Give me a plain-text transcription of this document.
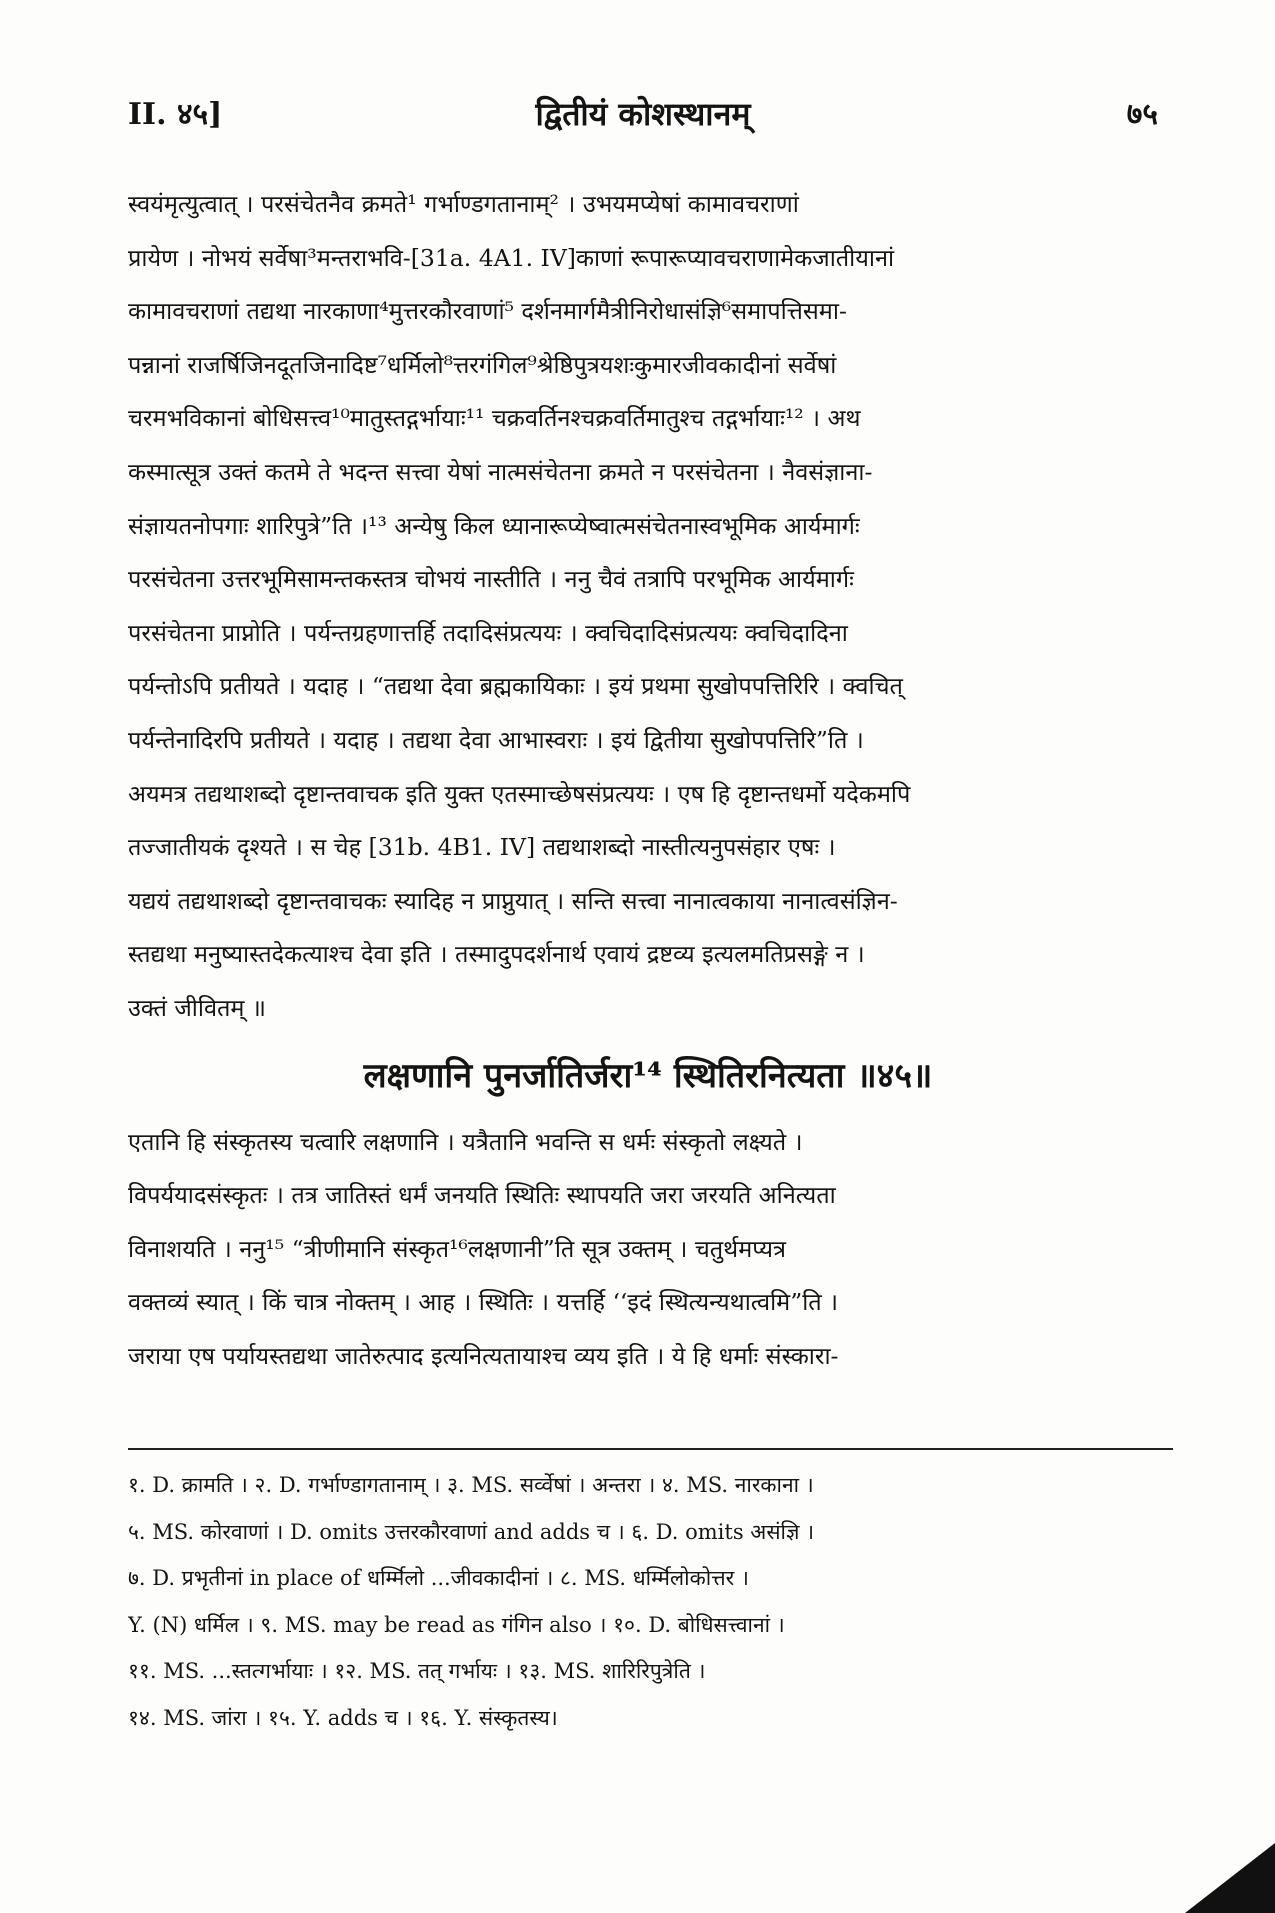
II. ४५]	द्वितीयं कोशस्थानम्	७५
स्वयंमृत्युत्वात् । परसंचेतनैव क्रमते¹ गर्भाण्डगतानाम्² । उभयमप्येषां कामावचराणां
प्रायेण । नोभयं सर्वेषा³मन्तराभवि-[31a. 4A1. IV]काणां रूपारूप्यावचराणामेकजातीयानां
कामावचराणां तद्यथा नारकाणा⁴मुत्तरकौरवाणां⁵ दर्शनमार्गमैत्रीनिरोधासंज्ञि⁶समापत्तिसमा-
पन्नानां राजर्षिजिनदूतजिनादिष्ट⁷धर्मिलो⁸त्तरगंगिल⁹श्रेष्ठिपुत्रयशःकुमारजीवकादीनां सर्वेषां
चरमभविकानां बोधिसत्त्व¹⁰मातुस्तद्गर्भायाः¹¹ चक्रवर्तिनश्चक्रवर्तिमातुश्च तद्गर्भायाः¹² । अथ
कस्मात्सूत्र उक्तं कतमे ते भदन्त सत्त्वा येषां नात्मसंचेतना क्रमते न परसंचेतना । नैवसंज्ञाना-
संज्ञायतनोपगाः शारिपुत्रे”ति ।¹³ अन्येषु किल ध्यानारूप्येष्वात्मसंचेतनास्वभूमिक आर्यमार्गः
परसंचेतना उत्तरभूमिसामन्तकस्तत्र चोभयं नास्तीति । ननु चैवं तत्रापि परभूमिक आर्यमार्गः
परसंचेतना प्राप्नोति । पर्यन्तग्रहणात्तर्हि तदादिसंप्रत्ययः । क्वचिदादिसंप्रत्ययः क्वचिदादिना
पर्यन्तोऽपि प्रतीयते । यदाह । “तद्यथा देवा ब्रह्मकायिकाः । इयं प्रथमा सुखोपपत्तिरिरि । क्वचित्
पर्यन्तेनादिरपि प्रतीयते । यदाह । तद्यथा देवा आभास्वराः । इयं द्वितीया सुखोपपत्तिरि”ति ।
अयमत्र तद्यथाशब्दो दृष्टान्तवाचक इति युक्त एतस्माच्छेषसंप्रत्ययः । एष हि दृष्टान्तधर्मो यदेकमपि
तज्जातीयकं दृश्यते । स चेह [31b. 4B1. IV] तद्यथाशब्दो नास्तीत्यनुपसंहार एषः ।
यद्ययं तद्यथाशब्दो दृष्टान्तवाचकः स्यादिह न प्राप्नुयात् । सन्ति सत्त्वा नानात्वकाया नानात्वसंज्ञिन-
स्तद्यथा मनुष्यास्तदेकत्याश्च देवा इति । तस्मादुपदर्शनार्थ एवायं द्रष्टव्य इत्यलमतिप्रसङ्गे न ।
उक्तं जीवितम् ॥
लक्षणानि पुनर्जातिर्जरा¹⁴ स्थितिरनित्यता ॥४५॥
एतानि हि संस्कृतस्य चत्वारि लक्षणानि । यत्रैतानि भवन्ति स धर्मः संस्कृतो लक्ष्यते ।
विपर्ययादसंस्कृतः । तत्र जातिस्तं धर्मं जनयति स्थितिः स्थापयति जरा जरयति अनित्यता
विनाशयति । ननु¹⁵ “त्रीणीमानि संस्कृत¹⁶लक्षणानी”ति सूत्र उक्तम् । चतुर्थमप्यत्र
वक्तव्यं स्यात् । किं चात्र नोक्तम् । आह । स्थितिः । यत्तर्हि ‘‘इदं स्थित्यन्यथात्वमि”ति ।
जराया एष पर्यायस्तद्यथा जातेरुत्पाद इत्यनित्यतायाश्च व्यय इति । ये हि धर्माः संस्कारा-
१. D. क्रामति । २. D. गर्भाण्डागतानाम् । ३. MS. सर्व्वेषां । अन्तरा । ४. MS. नारकाना ।
५. MS. कोरवाणां । D. omits उत्तरकौरवाणां and adds च । ६. D. omits असंज्ञि ।
७. D. प्रभृतीनां in place of धर्म्मिलो ...जीवकादीनां । ८. MS. धर्म्मिलोकोत्तर ।
Y. (N) धर्मिल । ९. MS. may be read as गंगिन also । १०. D. बोधिसत्त्वानां ।
११. MS. ...स्तत्गर्भायाः । १२. MS. तत् गर्भायः । १३. MS. शारिरिपुत्रेति ।
१४. MS. जांरा । १५. Y. adds च । १६. Y. संस्कृतस्य।
